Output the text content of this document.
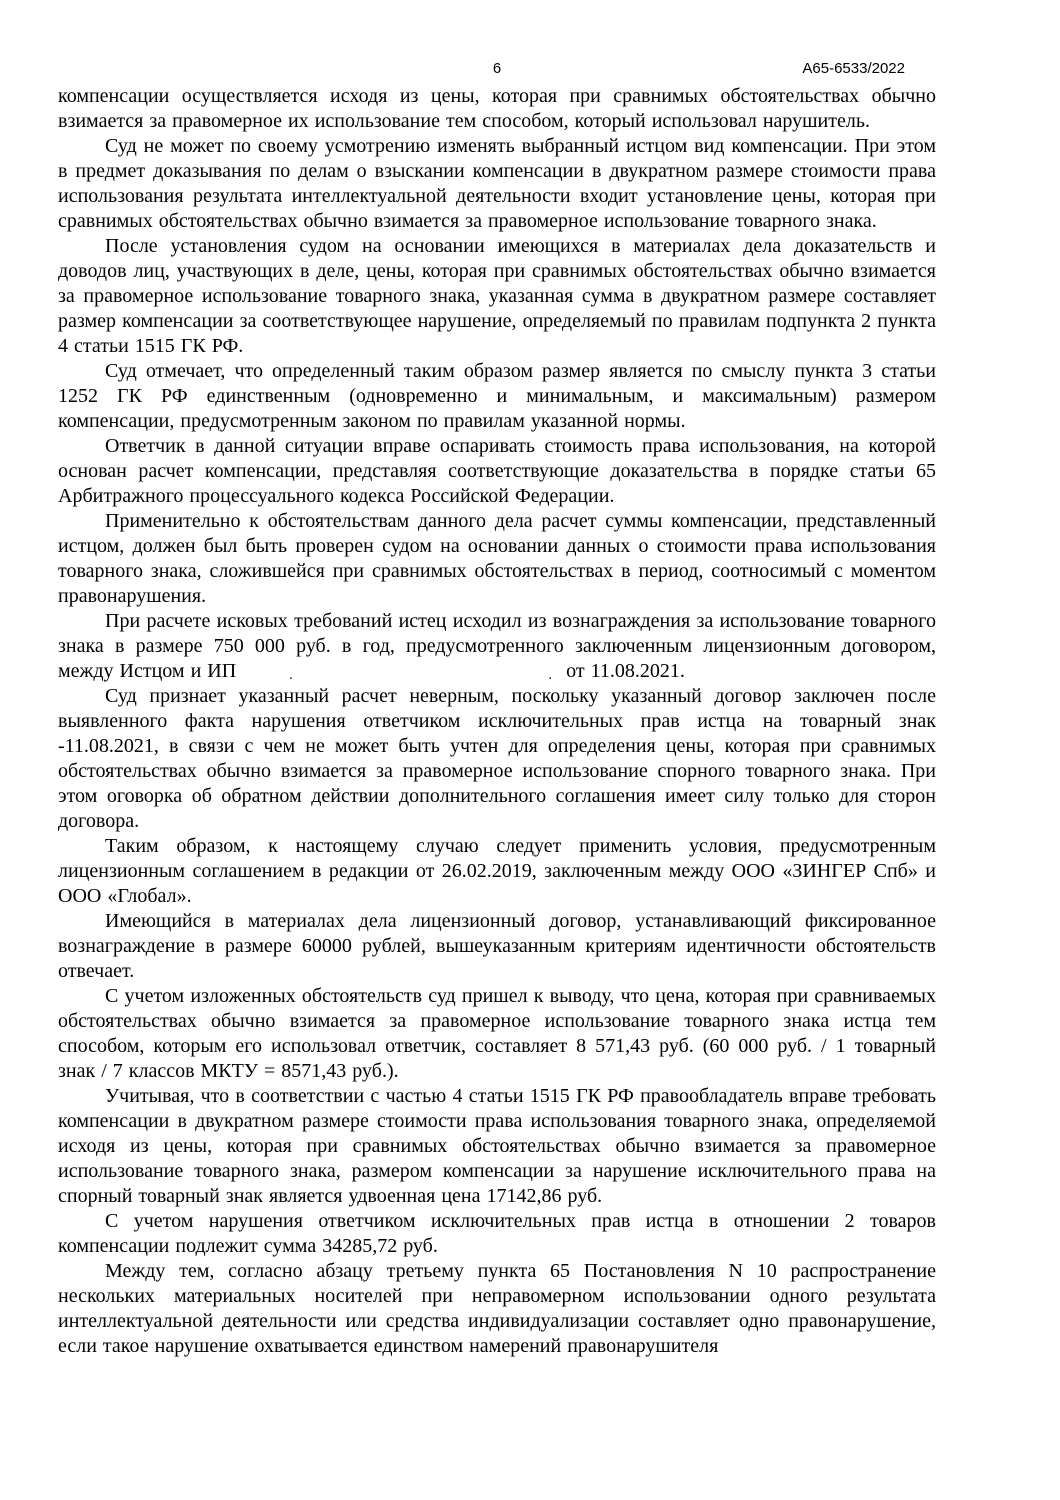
6	А65-6533/2022

компенсации осуществляется исходя из цены, которая при сравнимых обстоятельствах обычно взимается за правомерное их использование тем способом, который использовал нарушитель.

Суд не может по своему усмотрению изменять выбранный истцом вид компенсации. При этом в предмет доказывания по делам о взыскании компенсации в двукратном размере стоимости права использования результата интеллектуальной деятельности входит установление цены, которая при сравнимых обстоятельствах обычно взимается за правомерное использование товарного знака.

После установления судом на основании имеющихся в материалах дела доказательств и доводов лиц, участвующих в деле, цены, которая при сравнимых обстоятельствах обычно взимается за правомерное использование товарного знака, указанная сумма в двукратном размере составляет размер компенсации за соответствующее нарушение, определяемый по правилам подпункта 2 пункта 4 статьи 1515 ГК РФ.

Суд отмечает, что определенный таким образом размер является по смыслу пункта 3 статьи 1252 ГК РФ единственным (одновременно и минимальным, и максимальным) размером компенсации, предусмотренным законом по правилам указанной нормы.

Ответчик в данной ситуации вправе оспаривать стоимость права использования, на которой основан расчет компенсации, представляя соответствующие доказательства в порядке статьи 65 Арбитражного процессуального кодекса Российской Федерации.

Применительно к обстоятельствам данного дела расчет суммы компенсации, представленный истцом, должен был быть проверен судом на основании данных о стоимости права использования товарного знака, сложившейся при сравнимых обстоятельствах в период, соотносимый с моментом правонарушения.

При расчете исковых требований истец исходил из вознаграждения за использование товарного знака в размере 750 000 руб. в год, предусмотренного заключенным лицензионным договором, между Истцом и ИП	.	. от 11.08.2021.

Суд признает указанный расчет неверным, поскольку указанный договор заключен после выявленного факта нарушения ответчиком исключительных прав истца на товарный знак -11.08.2021, в связи с чем не может быть учтен для определения цены, которая при сравнимых обстоятельствах обычно взимается за правомерное использование спорного товарного знака. При этом оговорка об обратном действии дополнительного соглашения имеет силу только для сторон договора.

Таким образом, к настоящему случаю следует применить условия, предусмотренным лицензионным соглашением в редакции от 26.02.2019, заключенным между ООО «ЗИНГЕР Спб» и ООО «Глобал».

Имеющийся в материалах дела лицензионный договор, устанавливающий фиксированное вознаграждение в размере 60000 рублей, вышеуказанным критериям идентичности обстоятельств отвечает.

С учетом изложенных обстоятельств суд пришел к выводу, что цена, которая при сравниваемых обстоятельствах обычно взимается за правомерное использование товарного знака истца тем способом, которым его использовал ответчик, составляет 8 571,43 руб. (60 000 руб. / 1 товарный знак / 7 классов МКТУ = 8571,43 руб.).

Учитывая, что в соответствии с частью 4 статьи 1515 ГК РФ правообладатель вправе требовать компенсации в двукратном размере стоимости права использования товарного знака, определяемой исходя из цены, которая при сравнимых обстоятельствах обычно взимается за правомерное использование товарного знака, размером компенсации за нарушение исключительного права на спорный товарный знак является удвоенная цена 17142,86 руб.

С учетом нарушения ответчиком исключительных прав истца в отношении 2 товаров компенсации подлежит сумма 34285,72 руб.

Между тем, согласно абзацу третьему пункта 65 Постановления N 10 распространение нескольких материальных носителей при неправомерном использовании одного результата интеллектуальной деятельности или средства индивидуализации составляет одно правонарушение, если такое нарушение охватывается единством намерений правонарушителя
